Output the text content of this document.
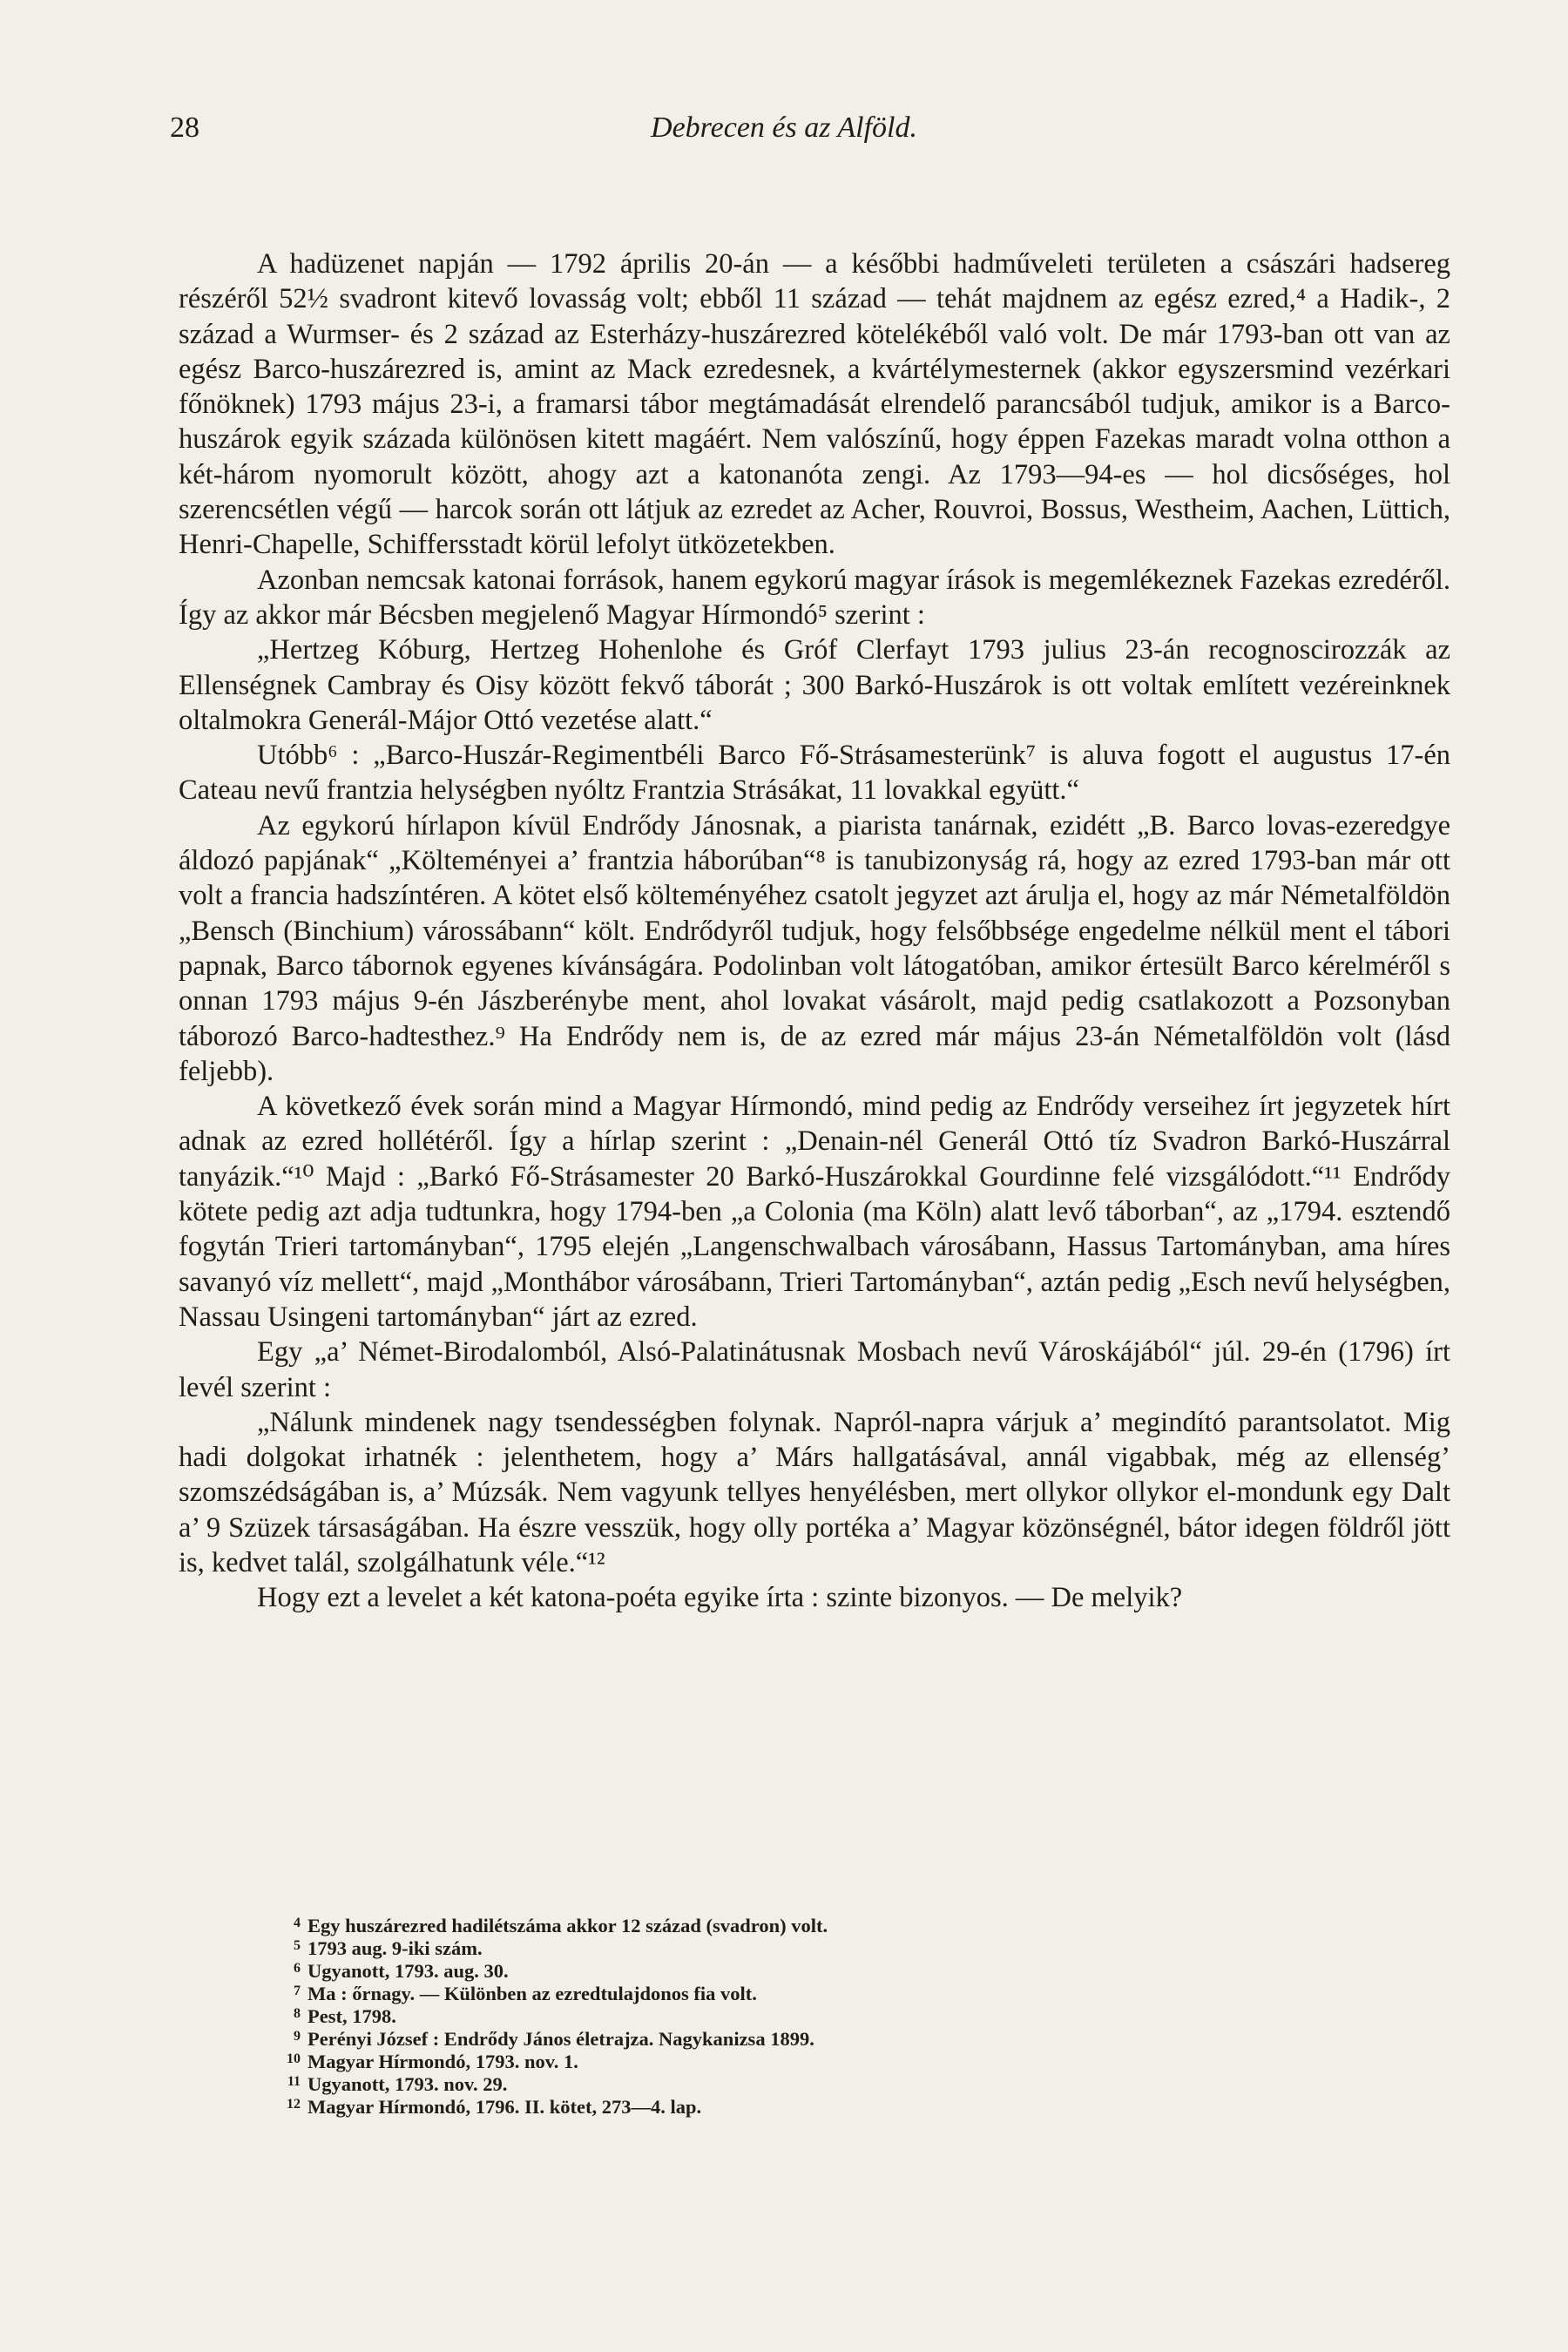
28	Debrecen és az Alföld.

A hadüzenet napján — 1792 április 20-án — a későbbi hadműveleti területen a császári hadsereg részéről 52½ svadront kitevő lovasság volt; ebből 11 század — tehát majdnem az egész ezred,⁴ a Hadik-, 2 század a Wurmser- és 2 század az Esterházy-huszárezred kötelékéből való volt. De már 1793-ban ott van az egész Barco-huszárezred is, amint az Mack ezredesnek, a kvártélymesternek (akkor egyszersmind vezérkari főnöknek) 1793 május 23-i, a framarsi tábor megtámadását elrendelő parancsából tudjuk, amikor is a Barco-huszárok egyik százada különösen kitett magáért. Nem valószínű, hogy éppen Fazekas maradt volna otthon a két-három nyomorult között, ahogy azt a katonanóta zengi. Az 1793—94-es — hol dicsőséges, hol szerencsétlen végű — harcok során ott látjuk az ezredet az Acher, Rouvroi, Bossus, Westheim, Aachen, Lüttich, Henri-Chapelle, Schiffersstadt körül lefolyt ütközetekben.

Azonban nemcsak katonai források, hanem egykorú magyar írások is megemlékeznek Fazekas ezredéről. Így az akkor már Bécsben megjelenő Magyar Hírmondó⁵ szerint :

„Hertzeg Kóburg, Hertzeg Hohenlohe és Gróf Clerfayt 1793 julius 23-án recognoscirozzák az Ellenségnek Cambray és Oisy között fekvő táborát ; 300 Barkó-Huszárok is ott voltak említett vezéreinknek oltalmokra Generál-Májor Ottó vezetése alatt.“

Utóbb⁶ : „Barco-Huszár-Regimentbéli Barco Fő-Strásamesterünk⁷ is aluva fogott el augustus 17-én Cateau nevű frantzia helységben nyóltz Frantzia Strásákat, 11 lovakkal együtt.“

Az egykorú hírlapon kívül Endrődy Jánosnak, a piarista tanárnak, ezidétt „B. Barco lovas-ezeredgye áldozó papjának“ „Költeményei a’ frantzia háborúban“⁸ is tanubizonyság rá, hogy az ezred 1793-ban már ott volt a francia hadszíntéren. A kötet első költeményéhez csatolt jegyzet azt árulja el, hogy az már Németalföldön „Bensch (Binchium) várossábann“ költ. Endrődyről tudjuk, hogy felsőbbsége engedelme nélkül ment el tábori papnak, Barco tábornok egyenes kívánságára. Podolinban volt látogatóban, amikor értesült Barco kérelméről s onnan 1793 május 9-én Jászberénybe ment, ahol lovakat vásárolt, majd pedig csatlakozott a Pozsonyban táborozó Barco-hadtesthez.⁹ Ha Endrődy nem is, de az ezred már május 23-án Németalföldön volt (lásd feljebb).

A következő évek során mind a Magyar Hírmondó, mind pedig az Endrődy verseihez írt jegyzetek hírt adnak az ezred hollétéről. Így a hírlap szerint : „Denain-nél Generál Ottó tíz Svadron Barkó-Huszárral tanyázik.“¹⁰ Majd : „Barkó Fő-Strásamester 20 Barkó-Huszárokkal Gourdinne felé vizsgálódott.“¹¹ Endrődy kötete pedig azt adja tudtunkra, hogy 1794-ben „a Colonia (ma Köln) alatt levő táborban“, az „1794. esztendő fogytán Trieri tartományban“, 1795 elején „Langenschwalbach városábann, Hassus Tartományban, ama híres savanyó víz mellett“, majd „Monthábor városábann, Trieri Tartományban“, aztán pedig „Esch nevű helységben, Nassau Usingeni tartományban“ járt az ezred.

Egy „a’ Német-Birodalomból, Alsó-Palatinátusnak Mosbach nevű Városkájából“ júl. 29-én (1796) írt levél szerint :

„Nálunk mindenek nagy tsendességben folynak. Napról-napra várjuk a’ megindító parantsolatot. Mig hadi dolgokat irhatnék : jelenthetem, hogy a’ Márs hallgatásával, annál vigabbak, még az ellenség’ szomszédságában is, a’ Múzsák. Nem vagyunk tellyes henyélésben, mert ollykor ollykor el-mondunk egy Dalt a’ 9 Szüzek társaságában. Ha észre vesszük, hogy olly portéka a’ Magyar közönségnél, bátor idegen földről jött is, kedvet talál, szolgálhatunk véle.“¹²

Hogy ezt a levelet a két katona-poéta egyike írta : szinte bizonyos. — De melyik?

4 Egy huszárezred hadilétszáma akkor 12 század (svadron) volt.
5 1793 aug. 9-iki szám.
6 Ugyanott, 1793. aug. 30.
7 Ma : őrnagy. — Különben az ezredtulajdonos fia volt.
8 Pest, 1798.
9 Perényi József : Endrődy János életrajza. Nagykanizsa 1899.
10 Magyar Hírmondó, 1793. nov. 1.
11 Ugyanott, 1793. nov. 29.
12 Magyar Hírmondó, 1796. II. kötet, 273—4. lap.
